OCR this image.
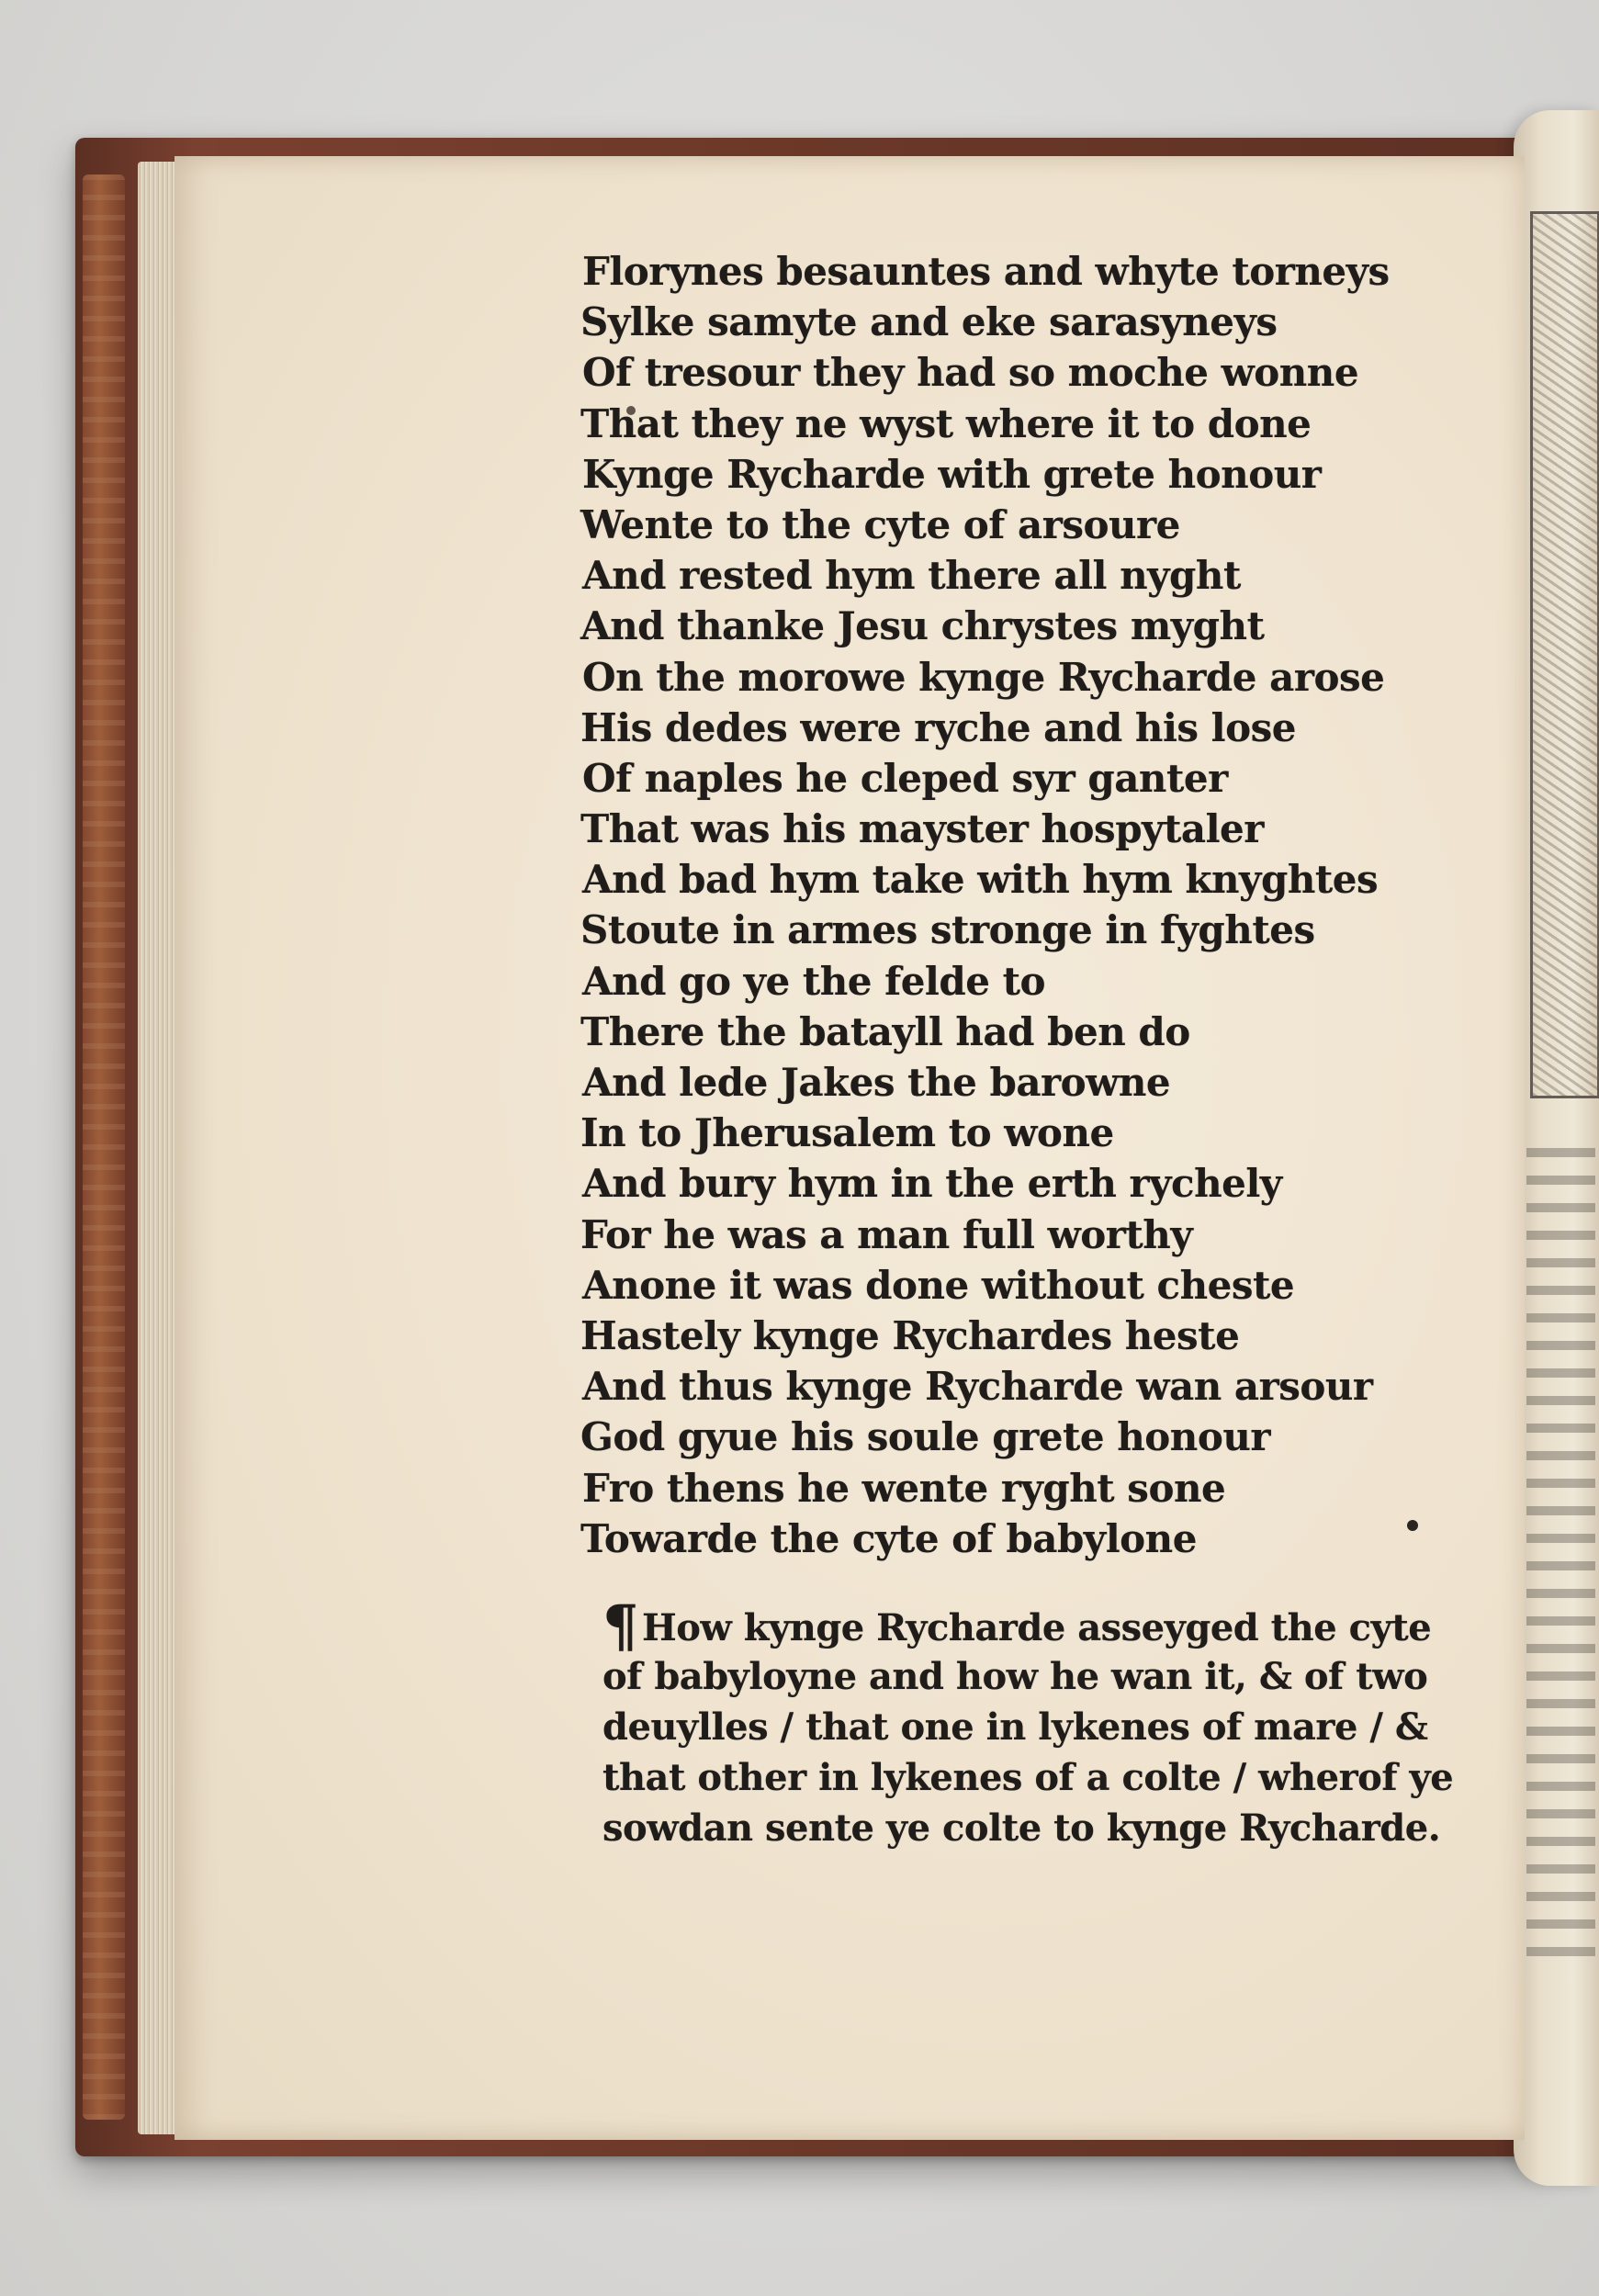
Florynes besauntes and whyte torneys
Sylke samyte and eke sarasyneys
Of tresour they had so moche wonne
That they ne wyst where it to done
Kynge Rycharde with grete honour
Wente to the cyte of arsoure
And rested hym there all nyght
And thanke Jesu chrystes myght
On the morowe kynge Rycharde arose
His dedes were ryche and his lose
Of naples he cleped syr ganter
That was his mayster hospytaler
And bad hym take with hym knyghtes
Stoute in armes stronge in fyghtes
And go ye the felde to
There the batayll had ben do
And lede Jakes the barowne
In to Jherusalem to wone
And bury hym in the erth rychely
For he was a man full worthy
Anone it was done without cheste
Hastely kynge Rychardes heste
And thus kynge Rycharde wan arsour
God gyue his soule grete honour
Fro thens he wente ryght sone
Towarde the cyte of babylone
¶ How kynge Rycharde asseyged the cyte
of babyloyne and how he wan it, & of two
deuylles / that one in lykenes of mare / &
that other in lykenes of a colte / wherof ye
sowdan sente ye colte to kynge Rycharde.
